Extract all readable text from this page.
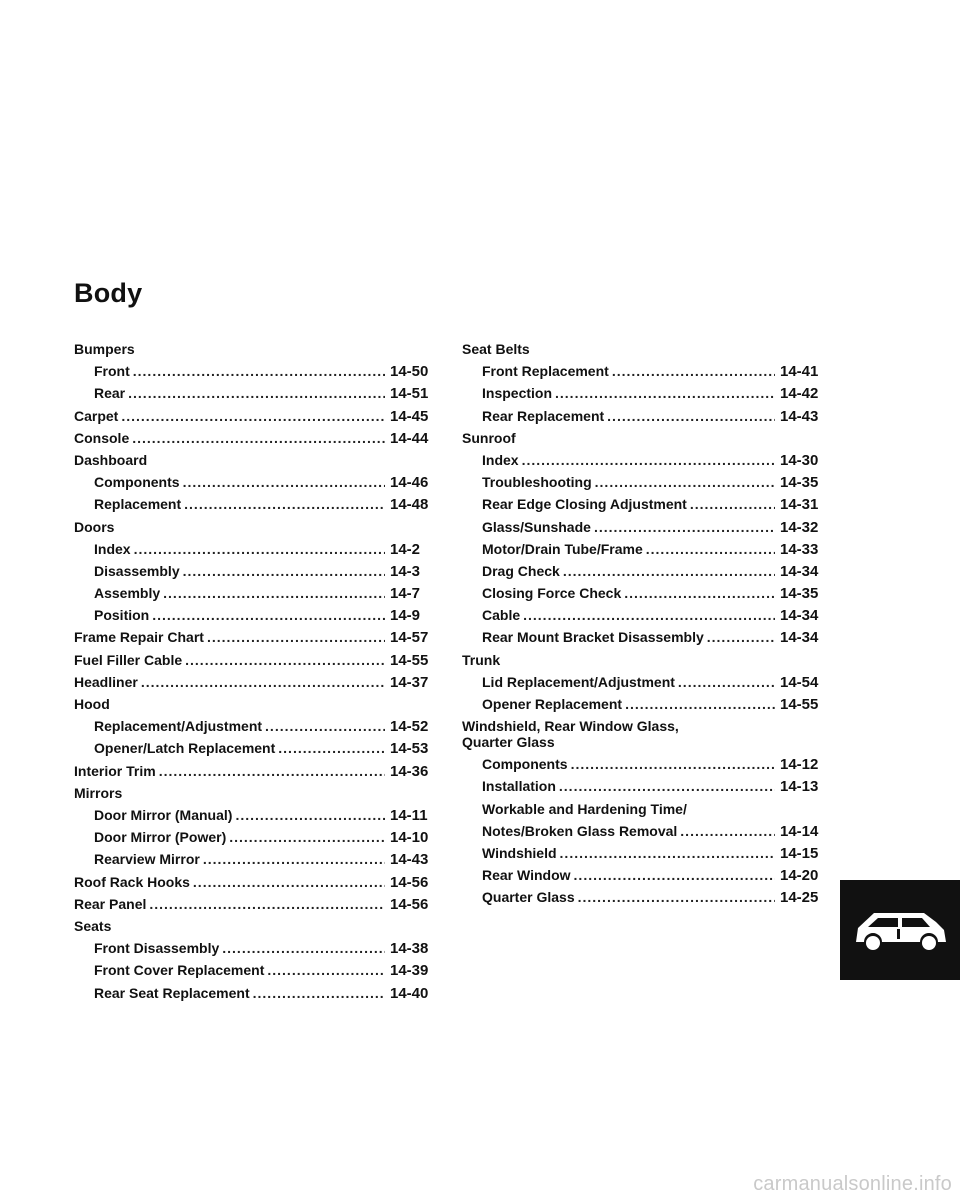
Body
Bumpers
Front .....	14-50
Rear .....	14-51
Carpet .....	14-45
Console .....	14-44
Dashboard
Components .....	14-46
Replacement .....	14-48
Doors
Index .....	14-2
Disassembly .....	14-3
Assembly .....	14-7
Position .....	14-9
Frame Repair Chart .....	14-57
Fuel Filler Cable .....	14-55
Headliner .....	14-37
Hood
Replacement/Adjustment .....	14-52
Opener/Latch Replacement .....	14-53
Interior Trim .....	14-36
Mirrors
Door Mirror (Manual) .....	14-11
Door Mirror (Power) .....	14-10
Rearview Mirror .....	14-43
Roof Rack Hooks .....	14-56
Rear Panel .....	14-56
Seats
Front Disassembly .....	14-38
Front Cover Replacement .....	14-39
Rear Seat Replacement .....	14-40
Seat Belts
Front Replacement .....	14-41
Inspection .....	14-42
Rear Replacement .....	14-43
Sunroof
Index .....	14-30
Troubleshooting .....	14-35
Rear Edge Closing Adjustment .....	14-31
Glass/Sunshade .....	14-32
Motor/Drain Tube/Frame .....	14-33
Drag Check .....	14-34
Closing Force Check .....	14-35
Cable .....	14-34
Rear Mount Bracket Disassembly .....	14-34
Trunk
Lid Replacement/Adjustment .....	14-54
Opener Replacement .....	14-55
Windshield, Rear Window Glass,
Quarter Glass
Components .....	14-12
Installation .....	14-13
Workable and Hardening Time/
Notes/Broken Glass Removal .....	14-14
Windshield .....	14-15
Rear Window .....	14-20
Quarter Glass .....	14-25
carmanualsonline.info
